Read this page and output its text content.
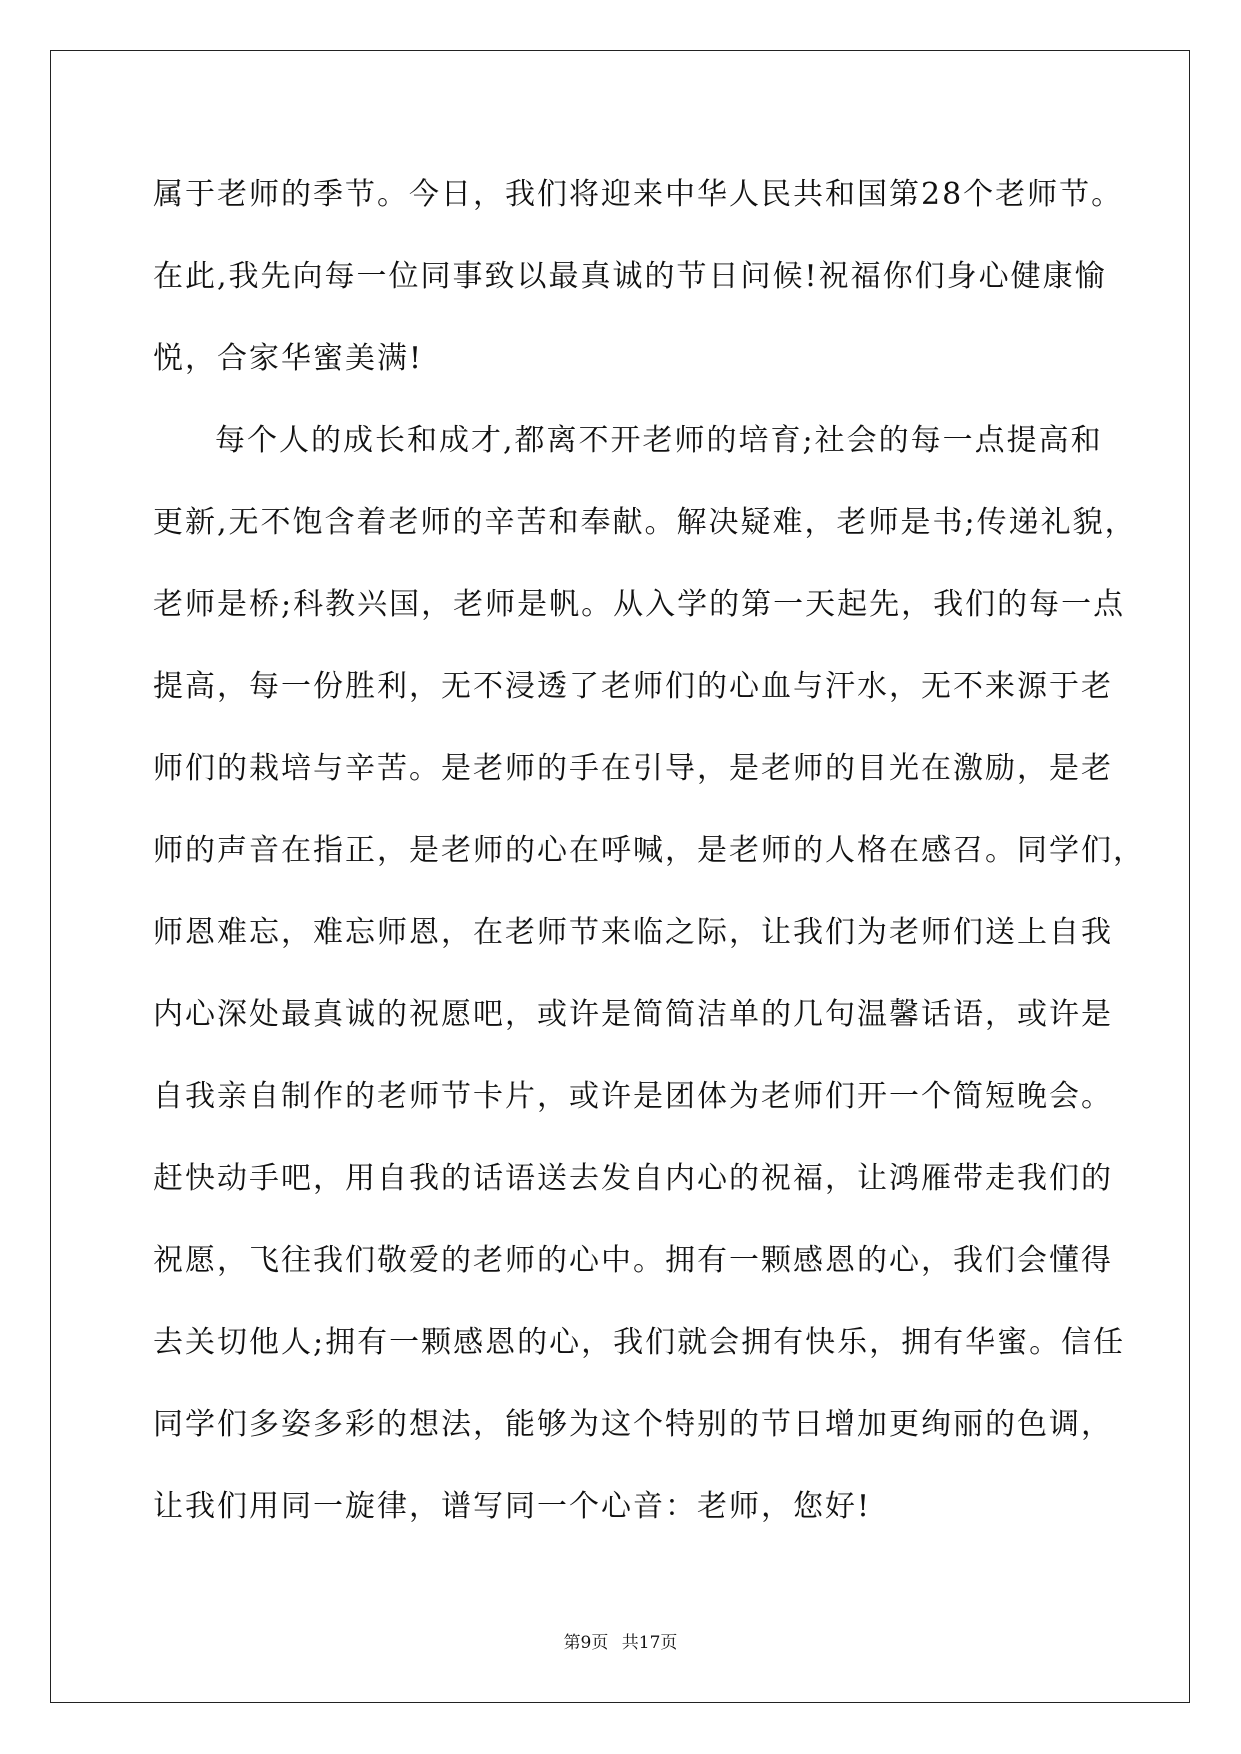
属于老师的季节。今日，我们将迎来中华人民共和国第28个老师节。
在此,我先向每一位同事致以最真诚的节日问候!祝福你们身心健康愉
悦，合家华蜜美满!
每个人的成长和成才,都离不开老师的培育;社会的每一点提高和
更新,无不饱含着老师的辛苦和奉献。解决疑难，老师是书;传递礼貌，
老师是桥;科教兴国，老师是帆。从入学的第一天起先，我们的每一点
提高，每一份胜利，无不浸透了老师们的心血与汗水，无不来源于老
师们的栽培与辛苦。是老师的手在引导，是老师的目光在激励，是老
师的声音在指正，是老师的心在呼喊，是老师的人格在感召。同学们，
师恩难忘，难忘师恩，在老师节来临之际，让我们为老师们送上自我
内心深处最真诚的祝愿吧，或许是简简洁单的几句温馨话语，或许是
自我亲自制作的老师节卡片，或许是团体为老师们开一个简短晚会。
赶快动手吧，用自我的话语送去发自内心的祝福，让鸿雁带走我们的
祝愿，飞往我们敬爱的老师的心中。拥有一颗感恩的心，我们会懂得
去关切他人;拥有一颗感恩的心，我们就会拥有快乐，拥有华蜜。信任
同学们多姿多彩的想法，能够为这个特别的节日增加更绚丽的色调，
让我们用同一旋律，谱写同一个心音：老师，您好!
第9页 共17页
